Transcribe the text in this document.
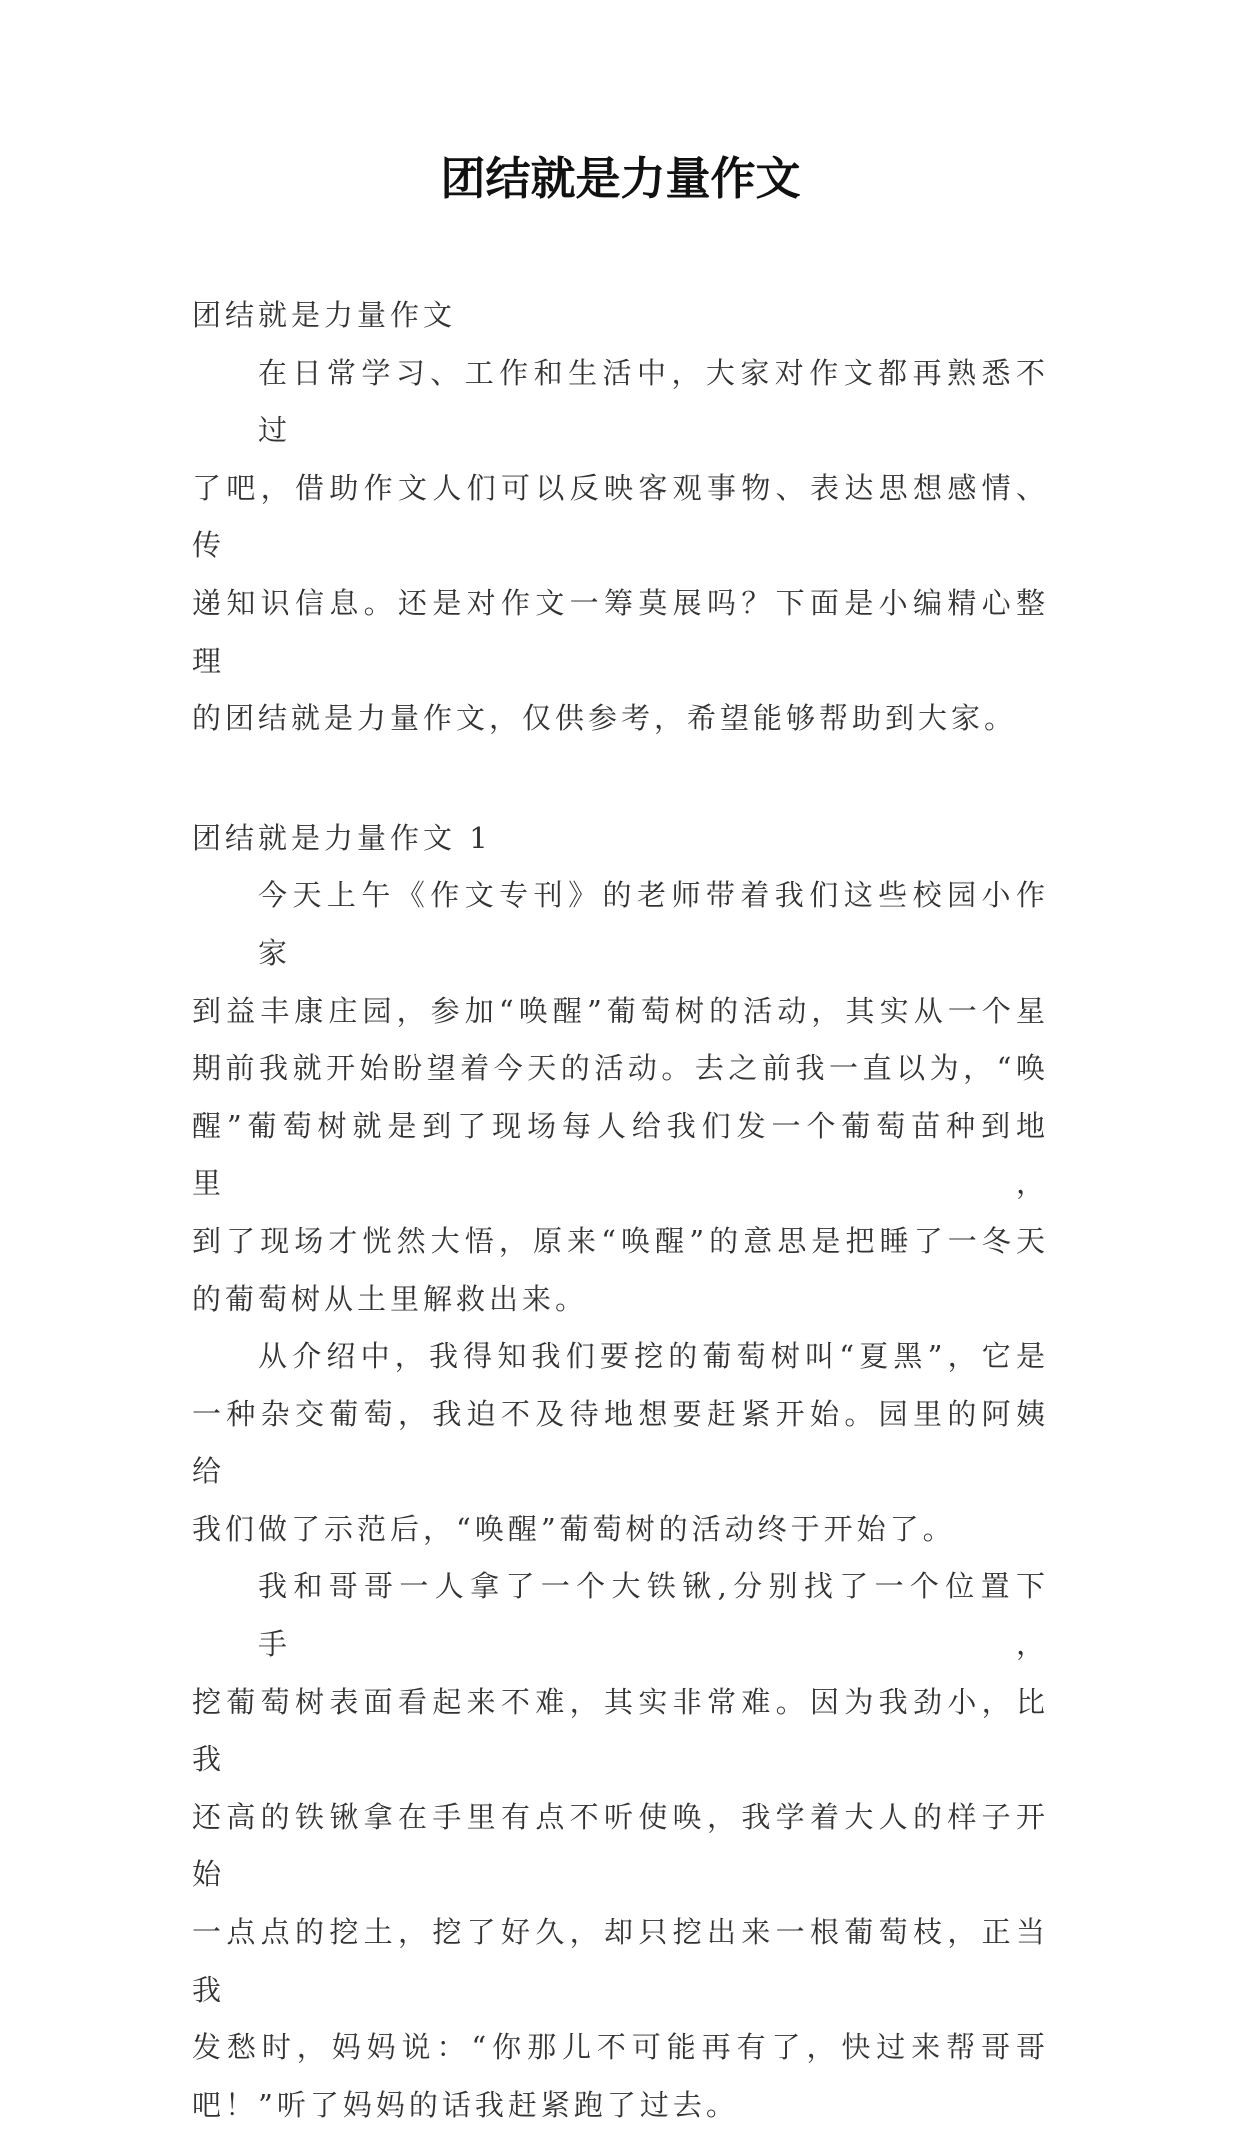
团结就是力量作文
团结就是力量作文
在日常学习、工作和生活中，大家对作文都再熟悉不过
了吧，借助作文人们可以反映客观事物、表达思想感情、传
递知识信息。还是对作文一筹莫展吗？下面是小编精心整理
的团结就是力量作文，仅供参考，希望能够帮助到大家。
团结就是力量作文 1
今天上午《作文专刊》的老师带着我们这些校园小作家
到益丰康庄园，参加“唤醒”葡萄树的活动，其实从一个星
期前我就开始盼望着今天的活动。去之前我一直以为，“唤
醒”葡萄树就是到了现场每人给我们发一个葡萄苗种到地里，
到了现场才恍然大悟，原来“唤醒”的意思是把睡了一冬天
的葡萄树从土里解救出来。
从介绍中，我得知我们要挖的葡萄树叫“夏黑”，它是
一种杂交葡萄，我迫不及待地想要赶紧开始。园里的阿姨给
我们做了示范后，“唤醒”葡萄树的活动终于开始了。
我和哥哥一人拿了一个大铁锹,分别找了一个位置下手，
挖葡萄树表面看起来不难，其实非常难。因为我劲小，比我
还高的铁锹拿在手里有点不听使唤，我学着大人的样子开始
一点点的挖土，挖了好久，却只挖出来一根葡萄枝，正当我
发愁时，妈妈说：“你那儿不可能再有了，快过来帮哥哥
吧！”听了妈妈的话我赶紧跑了过去。
